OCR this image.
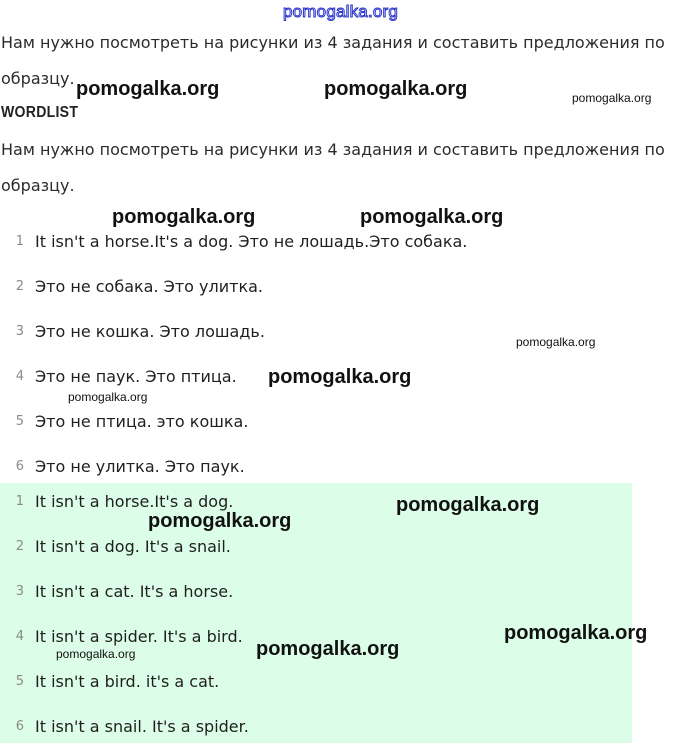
pomogalka.org
Нам нужно посмотреть на рисунки из 4 задания и составить предложения по образцу.
WORDLIST
Нам нужно посмотреть на рисунки из 4 задания и составить предложения по образцу.
1 It isn't a horse.It's a dog. Это не лошадь.Это собака.
2 Это не собака. Это улитка.
3 Это не кошка. Это лошадь.
4 Это не паук. Это птица.
5 Это не птица. это кошка.
6 Это не улитка. Это паук.
1 It isn't a horse.It's a dog.
2 It isn't a dog. It's a snail.
3 It isn't a cat. It's a horse.
4 It isn't a spider. It's a bird.
5 It isn't a bird. it's a cat.
6 It isn't a snail. It's a spider.
pomogalka.org	pomogalka.org	pomogalka.org
pomogalka.org	pomogalka.org
pomogalka.org
pomogalka.org
pomogalka.org
pomogalka.org
pomogalka.org
pomogalka.org
pomogalka.org
pomogalka.org
